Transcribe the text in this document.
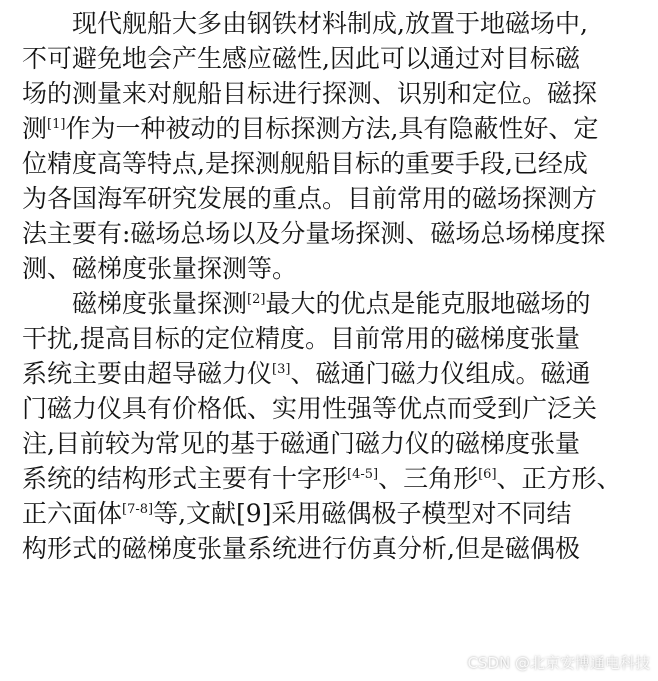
现代舰船大多由钢铁材料制成,放置于地磁场中,
不可避免地会产生感应磁性,因此可以通过对目标磁
场的测量来对舰船目标进行探测、识别和定位。磁探
测[1]作为一种被动的目标探测方法,具有隐蔽性好、定
位精度高等特点,是探测舰船目标的重要手段,已经成
为各国海军研究发展的重点。目前常用的磁场探测方
法主要有:磁场总场以及分量场探测、磁场总场梯度探
测、磁梯度张量探测等。
磁梯度张量探测[2]最大的优点是能克服地磁场的
干扰,提高目标的定位精度。目前常用的磁梯度张量
系统主要由超导磁力仪[3]、磁通门磁力仪组成。磁通
门磁力仪具有价格低、实用性强等优点而受到广泛关
注,目前较为常见的基于磁通门磁力仪的磁梯度张量
系统的结构形式主要有十字形[4-5]、三角形[6]、正方形、
正六面体[7-8]等,文献[9]采用磁偶极子模型对不同结
构形式的磁梯度张量系统进行仿真分析,但是磁偶极
CSDN @北京安博通电科技
